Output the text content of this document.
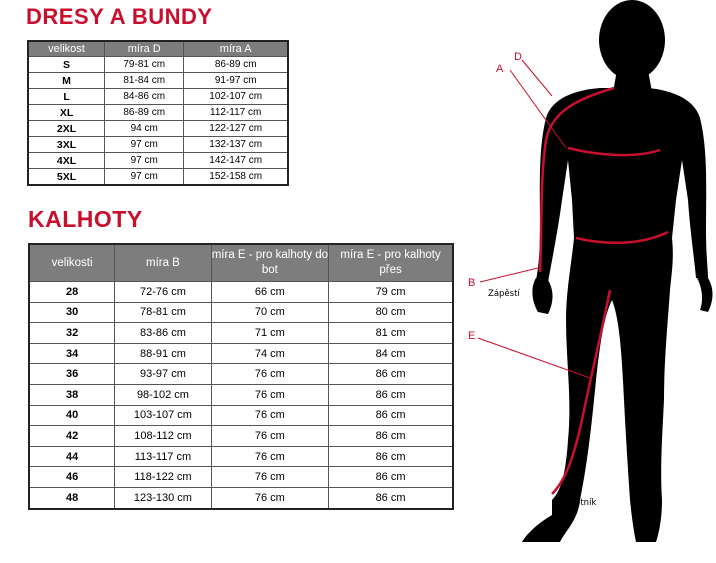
DRESY A BUNDY
velikost	míra D	míra A
S	79-81 cm	86-89 cm
M	81-84 cm	91-97 cm
L	84-86 cm	102-107 cm
XL	86-89 cm	112-117 cm
2XL	94 cm	122-127 cm
3XL	97 cm	132-137 cm
4XL	97 cm	142-147 cm
5XL	97 cm	152-158 cm
KALHOTY
velikosti	míra B	míra E - pro kalhoty do bot	míra E - pro kalhoty přes
28	72-76 cm	66 cm	79 cm
30	78-81 cm	70 cm	80 cm
32	83-86 cm	71 cm	81 cm
34	88-91 cm	74 cm	84 cm
36	93-97 cm	76 cm	86 cm
38	98-102 cm	76 cm	86 cm
40	103-107 cm	76 cm	86 cm
42	108-112 cm	76 cm	86 cm
44	113-117 cm	76 cm	86 cm
46	118-122 cm	76 cm	86 cm
48	123-130 cm	76 cm	86 cm
A
D
B
E
Zápěstí
Kotník
